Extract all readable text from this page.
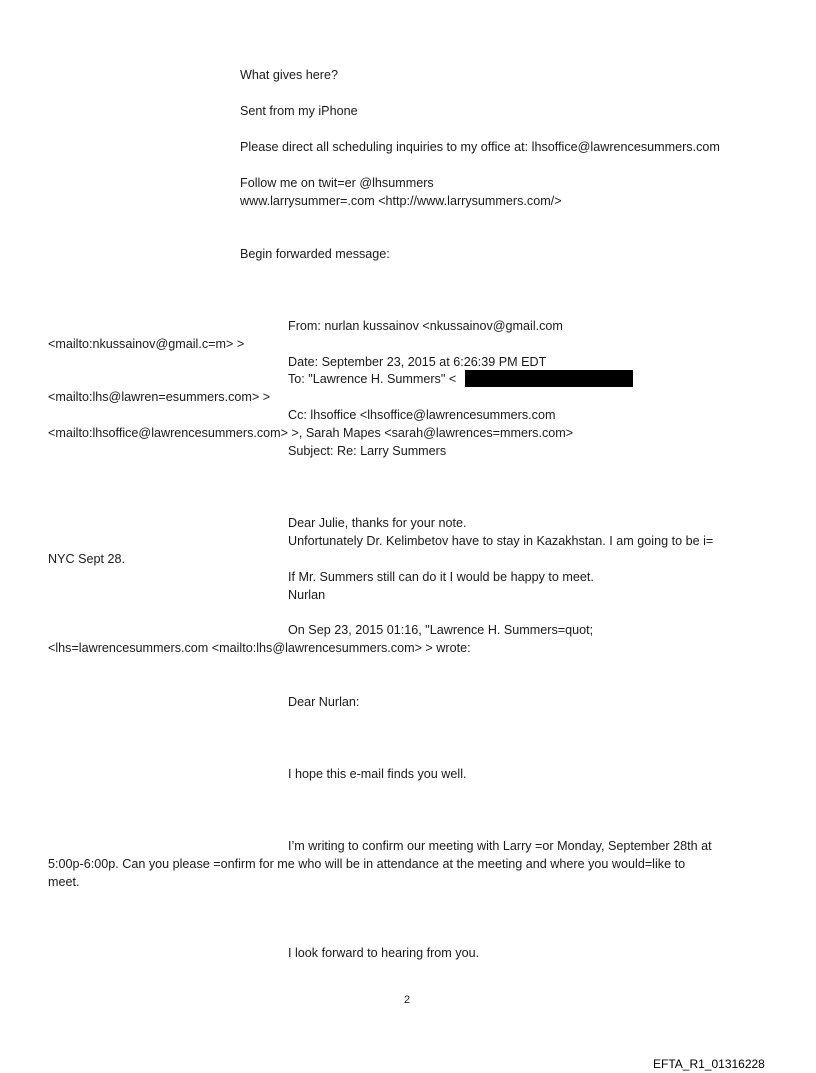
What gives here?
Sent from my iPhone
Please direct all scheduling inquiries to my office at: lhsoffice@lawrencesummers.com
Follow me on twit=er @lhsummers
www.larrysummer=.com <http://www.larrysummers.com/>
Begin forwarded message:
From: nurlan kussainov <nkussainov@gmail.com
<mailto:nkussainov@gmail.c=m> >
Date: September 23, 2015 at 6:26:39 PM EDT
To: "Lawrence H. Summers" <
<mailto:lhs@lawren=esummers.com> >
Cc: lhsoffice <lhsoffice@lawrencesummers.com
<mailto:lhsoffice@lawrencesummers.com> >, Sarah Mapes <sarah@lawrences=mmers.com>
Subject: Re: Larry Summers
Dear Julie, thanks for your note.
Unfortunately Dr. Kelimbetov have to stay in Kazakhstan. I am going to be i=
NYC Sept 28.
If Mr. Summers still can do it I would be happy to meet.
Nurlan
On Sep 23, 2015 01:16, "Lawrence H. Summers=quot;
<lhs=lawrencesummers.com <mailto:lhs@lawrencesummers.com> > wrote:
Dear Nurlan:
I hope this e-mail finds you well.
I’m writing to confirm our meeting with Larry =or Monday, September 28th at
5:00p-6:00p. Can you please =onfirm for me who will be in attendance at the meeting and where you would=like to
meet.
I look forward to hearing from you.
2
EFTA_R1_01316228
